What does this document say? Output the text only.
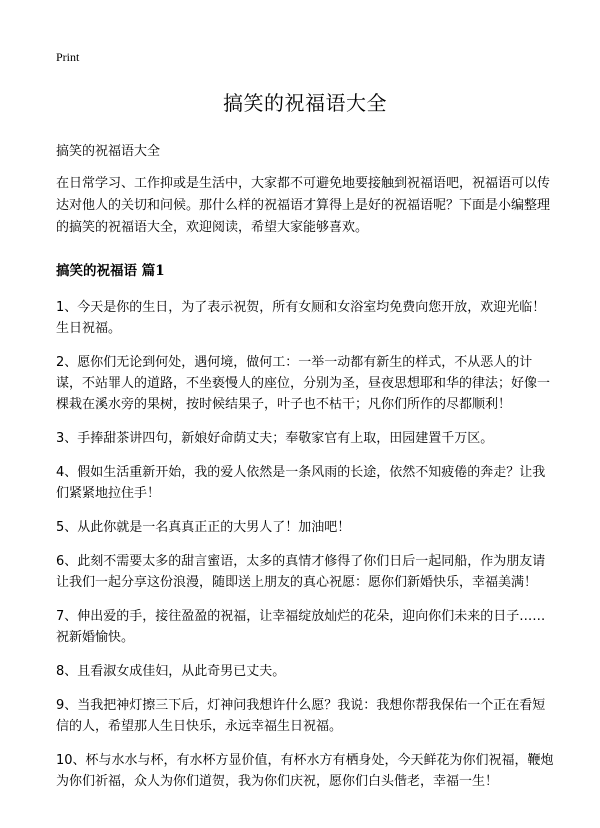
Print
搞笑的祝福语大全

搞笑的祝福语大全

在日常学习、工作抑或是生活中，大家都不可避免地要接触到祝福语吧，祝福语可以传达对他人的关切和问候。那什么样的祝福语才算得上是好的祝福语呢？下面是小编整理的搞笑的祝福语大全，欢迎阅读，希望大家能够喜欢。

搞笑的祝福语 篇1

1、今天是你的生日，为了表示祝贺，所有女厕和女浴室均免费向您开放，欢迎光临！生日祝福。

2、愿你们无论到何处，遇何境，做何工：一举一动都有新生的样式，不从恶人的计谋，不站罪人的道路，不坐亵慢人的座位，分别为圣，昼夜思想耶和华的律法；好像一棵栽在溪水旁的果树，按时候结果子，叶子也不枯干；凡你们所作的尽都顺利！

3、手捧甜茶讲四句，新娘好命荫丈夫；奉敬家官有上取，田园建置千万区。

4、假如生活重新开始，我的爱人依然是一条风雨的长途，依然不知疲倦的奔走？让我们紧紧地拉住手！

5、从此你就是一名真真正正的大男人了！加油吧！

6、此刻不需要太多的甜言蜜语，太多的真情才修得了你们日后一起同船，作为朋友请让我们一起分享这份浪漫，随即送上朋友的真心祝愿：愿你们新婚快乐，幸福美满！

7、伸出爱的手，接往盈盈的祝福，让幸福绽放灿烂的花朵，迎向你们未来的日子……祝新婚愉快。

8、且看淑女成佳妇，从此奇男已丈夫。

9、当我把神灯擦三下后，灯神问我想许什么愿？我说：我想你帮我保佑一个正在看短信的人，希望那人生日快乐，永远幸福生日祝福。

10、杯与水水与杯，有水杯方显价值，有杯水方有栖身处，今天鲜花为你们祝福，鞭炮为你们祈福，众人为你们道贺，我为你们庆祝，愿你们白头偕老，幸福一生！
